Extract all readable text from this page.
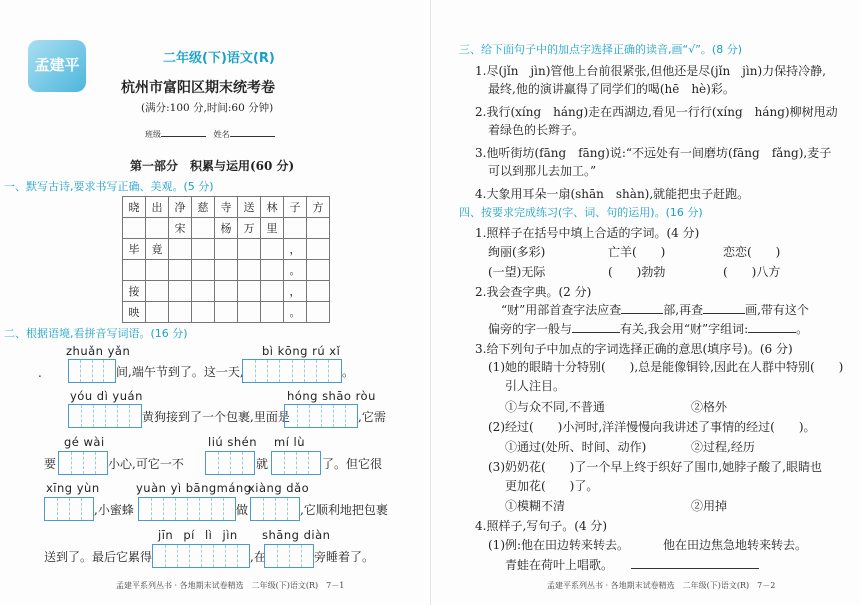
孟建平	二年级(下)语文(R)
杭州市富阳区期末统考卷
(满分:100 分,时间:60 分钟)
班级	姓名
第一部分　积累与运用(60 分)
一、默写古诗,要求书写正确、美观。(5 分)
晓	出	净	慈	寺	送	林	子	方
		宋		杨	万	里		
毕	竟						，	
							。	
接							，	
映							。	
二、根据语境,看拼音写词语。(16 分)
zhuǎn yǎn	bì kōng rú xǐ
.	间,端午节到了。这一天,	。
yóu dì yuán	hóng shāo ròu
黄狗接到了一个包裹,里面是	,它需
gé wài	liú shén mí lù
要	小心,可它一不	就	了。但它很
xīng yùn	yuàn yì bāngmáng
xiàng dǎo
,小蜜蜂	做	,它顺利地把包裹
jīn pí lì jìn shāng diàn
送到了。最后它累得	,在	旁睡着了。
孟建平系列丛书 · 各地期末试卷精选　二年级(下)语文(R)　7－1
三、给下面句子中的加点字选择正确的读音,画“√”。(8 分)
1.尽(jǐn　jìn)管他上台前很紧张,但他还是尽(jǐn　jìn)力保持冷静,
最终,他的演讲赢得了同学们的喝(hē　hè)彩。
2.我行(xíng　háng)走在西湖边,看见一行行(xíng　háng)柳树甩动
着绿色的长辫子。
3.他听街坊(fāng　fāng)说:“不远处有一间磨坊(fāng　fǎng),麦子
可以到那儿去加工。”
4.大象用耳朵一扇(shān　shàn),就能把虫子赶跑。
四、按要求完成练习(字、词、句的运用)。(16 分)
1.照样子在括号中填上合适的字词。(4 分)
绚丽(多彩)	亡羊(　　)	恋恋(　　)
(一望)无际	(　　)勃勃	(　　)八方
2.我会查字典。(2 分)
“财”用部首查字法应查	部,再查	画,带有这个
偏旁的字一般与	有关,我会用“财”字组词:	。
3.给下列句子中加点的字词选择正确的意思(填序号)。(6 分)
(1)她的眼睛十分特别(　　),总是能像铜铃,因此在人群中特别(　　)
引人注目。
①与众不同,不普通	②格外
(2)经过(　　)小河时,洋洋慢慢向我讲述了事情的经过(　　)。
①通过(处所、时间、动作)	②过程,经历
(3)奶奶花(　　)了一个早上终于织好了围巾,她脖子酸了,眼睛也
更加花(　　)了。
①模糊不清	②用掉
4.照样子,写句子。(4 分)
(1)例:他在田边转来转去。	他在田边焦急地转来转去。
青蛙在荷叶上唱歌。
孟建平系列丛书 · 各地期末试卷精选　二年级(下)语文(R)　7－2
